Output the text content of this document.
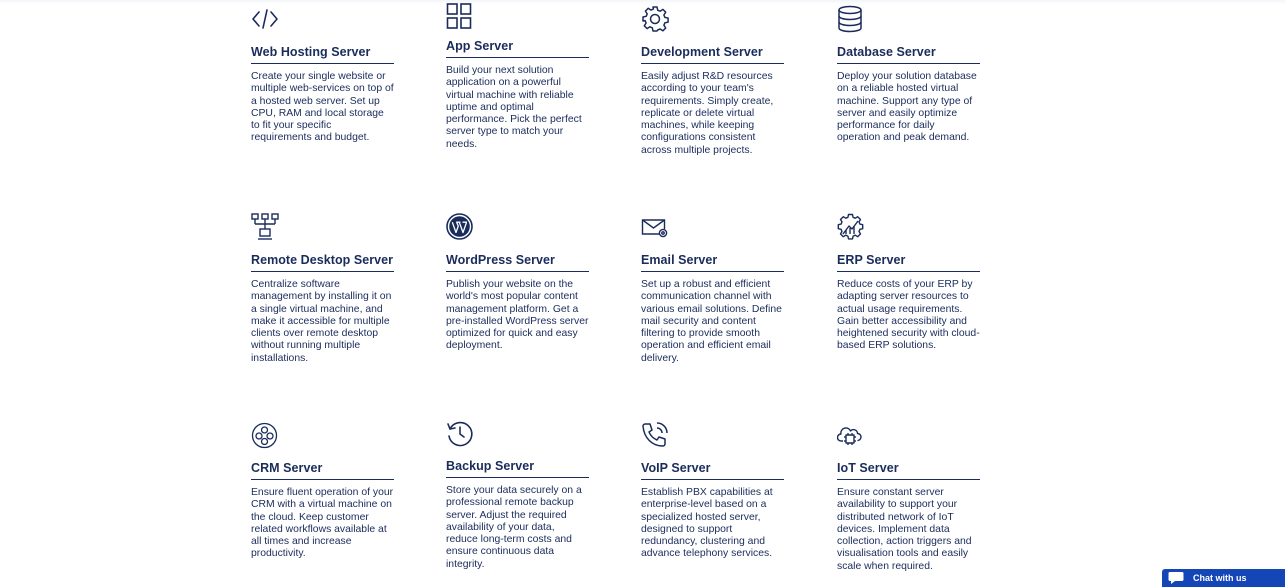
Web Hosting Server
Create your single website or multiple web-services on top of a hosted web server. Set up CPU, RAM and local storage to fit your specific requirements and budget.
App Server
Build your next solution application on a powerful virtual machine with reliable uptime and optimal performance. Pick the perfect server type to match your needs.
Development Server
Easily adjust R&D resources according to your team's requirements. Simply create, replicate or delete virtual machines, while keeping configurations consistent across multiple projects.
Database Server
Deploy your solution database on a reliable hosted virtual machine. Support any type of server and easily optimize performance for daily operation and peak demand.
Remote Desktop Server
Centralize software management by installing it on a single virtual machine, and make it accessible for multiple clients over remote desktop without running multiple installations.
WordPress Server
Publish your website on the world's most popular content management platform. Get a pre-installed WordPress server optimized for quick and easy deployment.
Email Server
Set up a robust and efficient communication channel with various email solutions. Define mail security and content filtering to provide smooth operation and efficient email delivery.
ERP Server
Reduce costs of your ERP by adapting server resources to actual usage requirements. Gain better accessibility and heightened security with cloud-based ERP solutions.
CRM Server
Ensure fluent operation of your CRM with a virtual machine on the cloud. Keep customer related workflows available at all times and increase productivity.
Backup Server
Store your data securely on a professional remote backup server. Adjust the required availability of your data, reduce long-term costs and ensure continuous data integrity.
VoIP Server
Establish PBX capabilities at enterprise-level based on a specialized hosted server, designed to support redundancy, clustering and advance telephony services.
IoT Server
Ensure constant server availability to support your distributed network of IoT devices. Implement data collection, action triggers and visualisation tools and easily scale when required.
Chat with us
